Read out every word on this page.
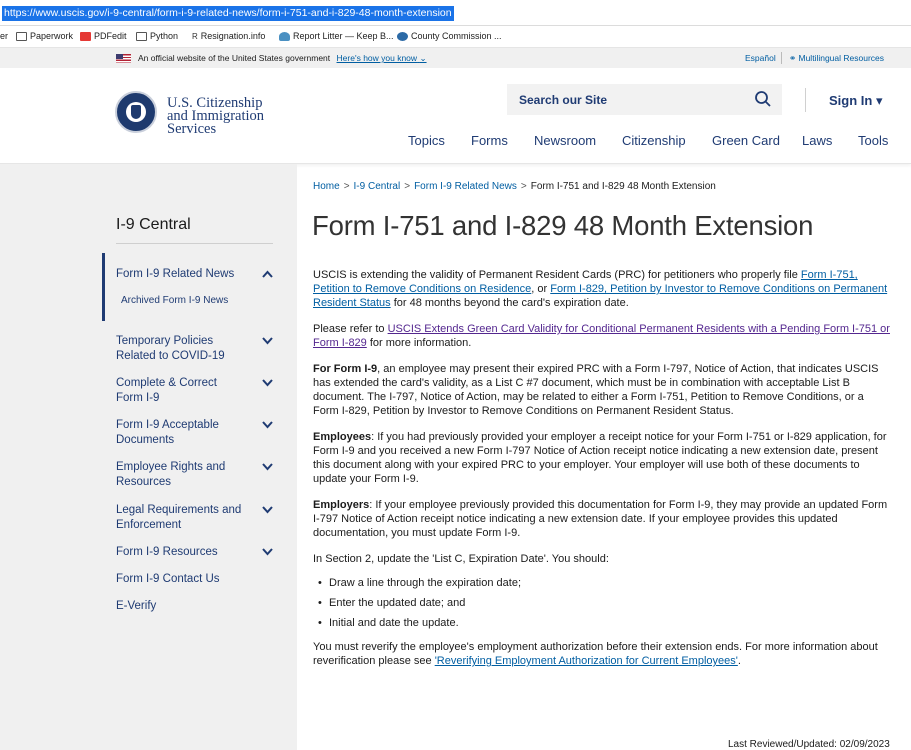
https://www.uscis.gov/i-9-central/form-i-9-related-news/form-i-751-and-i-829-48-month-extension
er Paperwork PDFedit	Python R Resignation.info	Report Litter — Keep B... County Commission ...
An official website of the United States government Here's how you know ⌄	Español ⚭ Multilingual Resources
U.S. Citizenship
and Immigration
Services
Search our Site	Sign In ▾
Topics Forms Newsroom Citizenship Green Card Laws Tools
I-9 Central
Form I-9 Related News
Archived Form I-9 News
Temporary Policies Related to COVID-19
Complete & Correct Form I-9
Form I-9 Acceptable Documents
Employee Rights and Resources
Legal Requirements and Enforcement
Form I-9 Resources
Form I-9 Contact Us
E-Verify
Home > I-9 Central > Form I-9 Related News > Form I-751 and I-829 48 Month Extension
Form I-751 and I-829 48 Month Extension

USCIS is extending the validity of Permanent Resident Cards (PRC) for petitioners who properly file Form I-751, Petition to Remove Conditions on Residence, or Form I-829, Petition by Investor to Remove Conditions on Permanent Resident Status for 48 months beyond the card's expiration date.

Please refer to USCIS Extends Green Card Validity for Conditional Permanent Residents with a Pending Form I-751 or Form I-829 for more information.

For Form I-9, an employee may present their expired PRC with a Form I-797, Notice of Action, that indicates USCIS has extended the card's validity, as a List C #7 document, which must be in combination with acceptable List B document. The I-797, Notice of Action, may be related to either a Form I-751, Petition to Remove Conditions, or a Form I-829, Petition by Investor to Remove Conditions on Permanent Resident Status.

Employees: If you had previously provided your employer a receipt notice for your Form I-751 or I-829 application, for Form I-9 and you received a new Form I-797 Notice of Action receipt notice indicating a new extension date, present this document along with your expired PRC to your employer. Your employer will use both of these documents to update your Form I-9.

Employers: If your employee previously provided this documentation for Form I-9, they may provide an updated Form I-797 Notice of Action receipt notice indicating a new extension date. If your employee provides this updated documentation, you must update Form I-9.

In Section 2, update the 'List C, Expiration Date'. You should:

• Draw a line through the expiration date;
• Enter the updated date; and
• Initial and date the update.

You must reverify the employee's employment authorization before their extension ends. For more information about reverification please see 'Reverifying Employment Authorization for Current Employees'.

Last Reviewed/Updated: 02/09/2023
